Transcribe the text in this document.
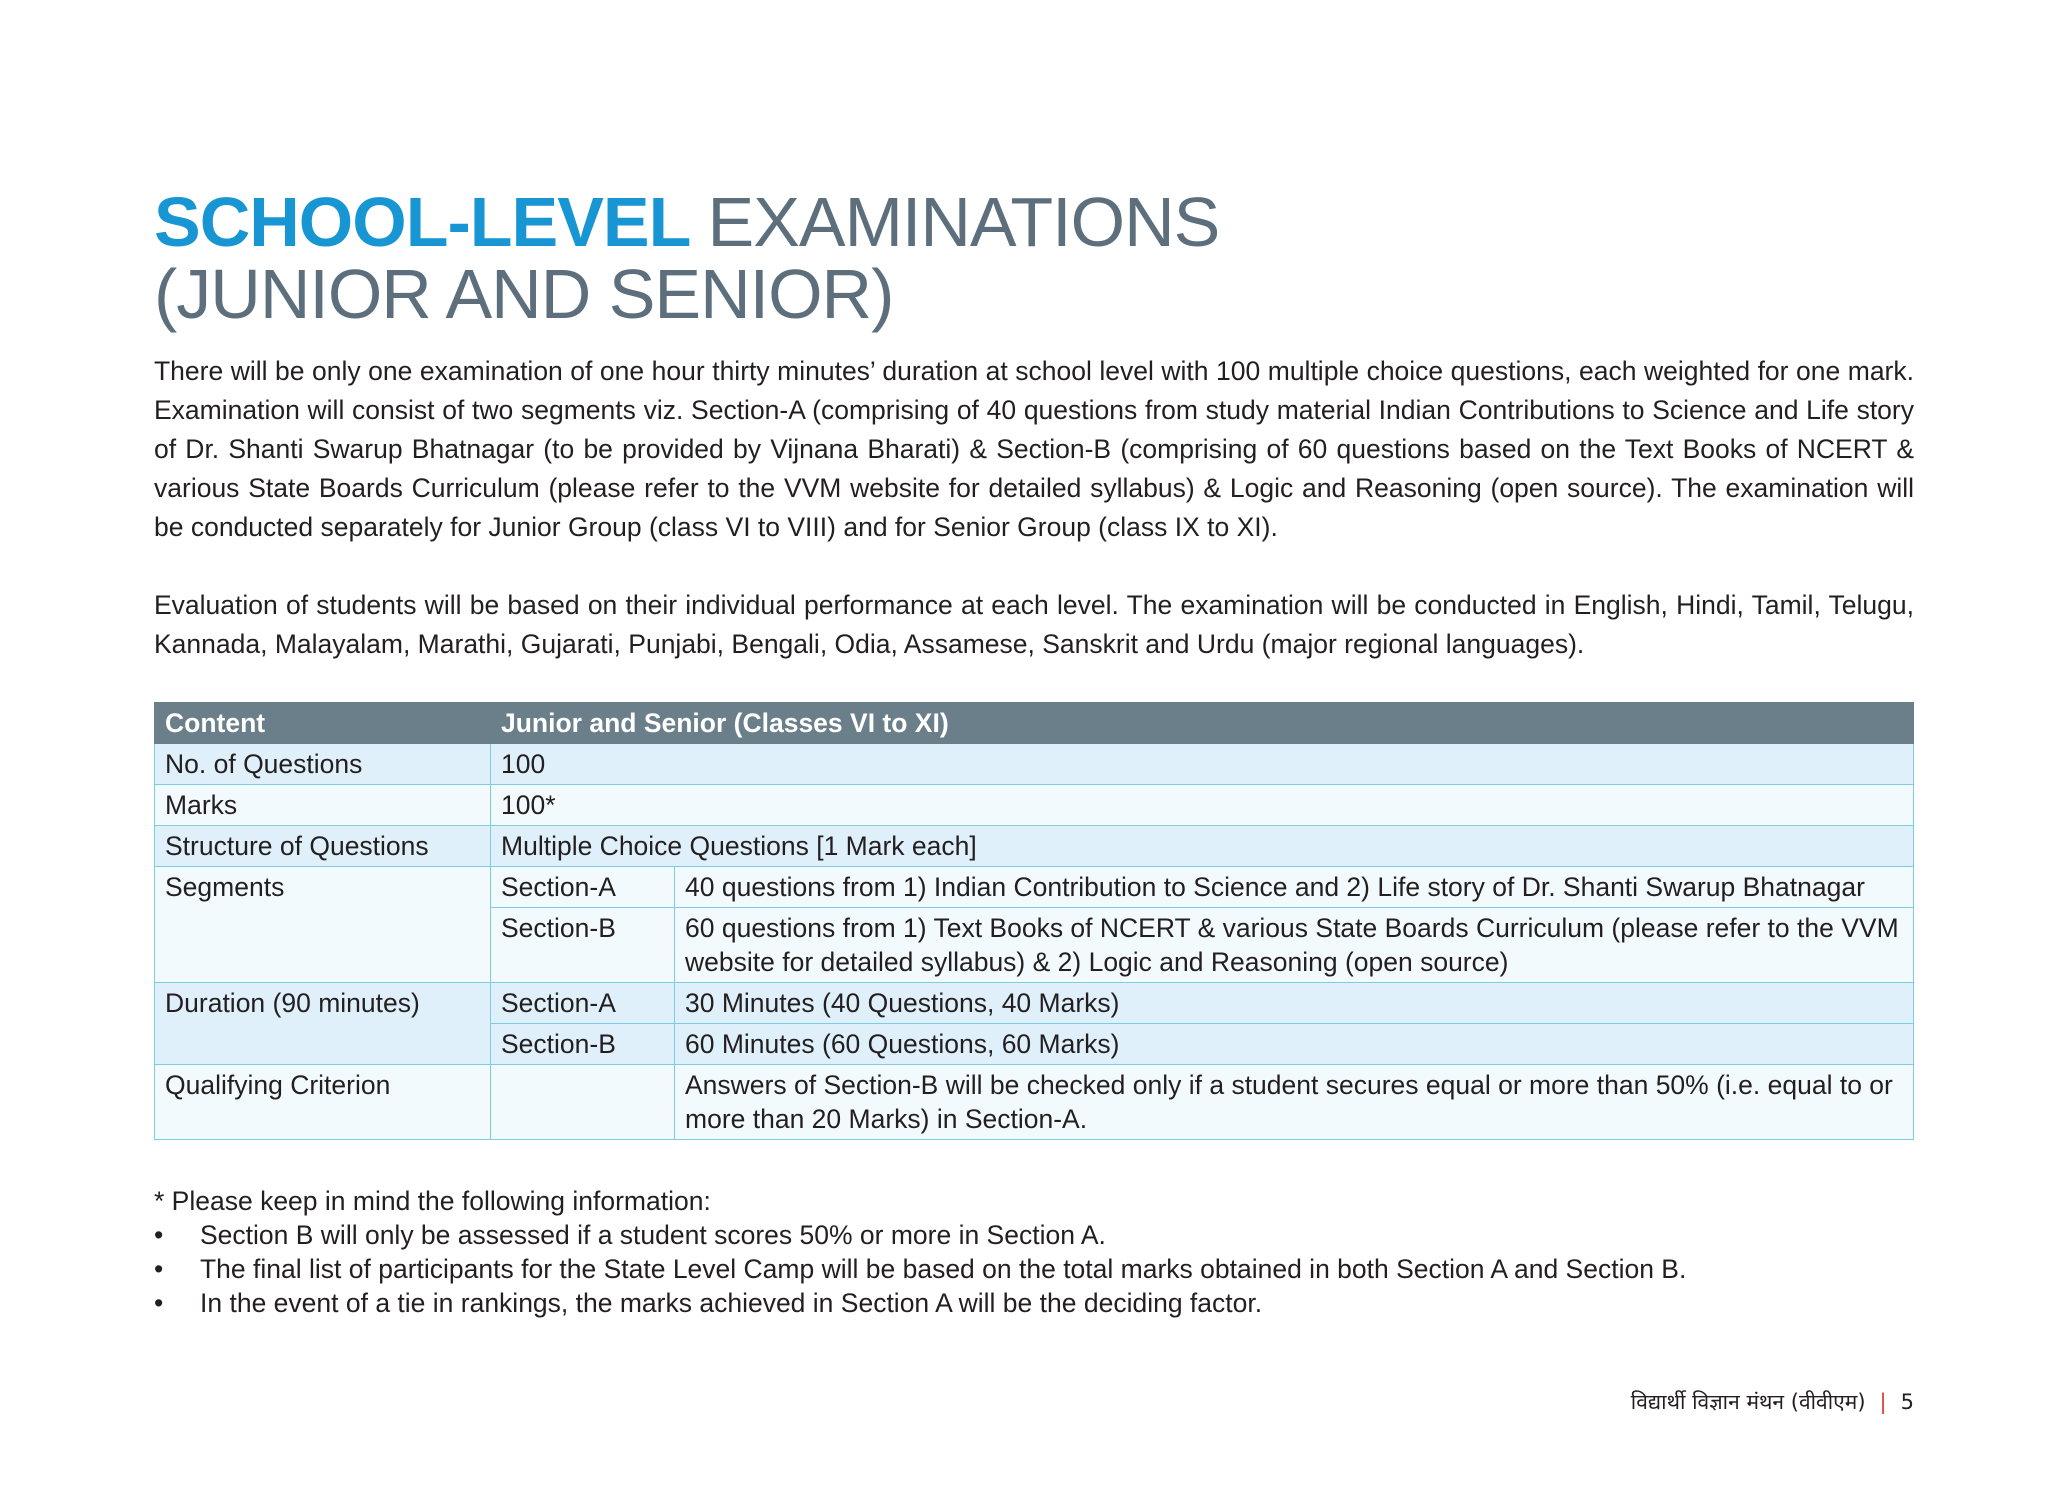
SCHOOL-LEVEL EXAMINATIONS
(JUNIOR AND SENIOR)

There will be only one examination of one hour thirty minutes’ duration at school level with 100 multiple choice questions, each weighted for one mark. Examination will consist of two segments viz. Section-A (comprising of 40 questions from study material Indian Contributions to Science and Life story of Dr. Shanti Swarup Bhatnagar (to be provided by Vijnana Bharati) & Section-B (comprising of 60 questions based on the Text Books of NCERT & various State Boards Curriculum (please refer to the VVM website for detailed syllabus) & Logic and Reasoning (open source). The examination will be conducted separately for Junior Group (class VI to VIII) and for Senior Group (class IX to XI).

Evaluation of students will be based on their individual performance at each level. The examination will be conducted in English, Hindi, Tamil, Telugu, Kannada, Malayalam, Marathi, Gujarati, Punjabi, Bengali, Odia, Assamese, Sanskrit and Urdu (major regional languages).

Content	Junior and Senior (Classes VI to XI)	
No. of Questions	100	
Marks	100*	
Structure of Questions	Multiple Choice Questions [1 Mark each]	
Segments	Section-A	40 questions from 1) Indian Contribution to Science and 2) Life story of Dr. Shanti Swarup Bhatnagar
	Section-B	60 questions from 1) Text Books of NCERT & various State Boards Curriculum (please refer to the VVM website for detailed syllabus) & 2) Logic and Reasoning (open source)
Duration (90 minutes)	Section-A	30 Minutes (40 Questions, 40 Marks)
	Section-B	60 Minutes (60 Questions, 60 Marks)
Qualifying Criterion		Answers of Section-B will be checked only if a student secures equal or more than 50% (i.e. equal to or more than 20 Marks) in Section-A.
* Please keep in mind the following information:
• Section B will only be assessed if a student scores 50% or more in Section A.
• The final list of participants for the State Level Camp will be based on the total marks obtained in both Section A and Section B.
• In the event of a tie in rankings, the marks achieved in Section A will be the deciding factor.
विद्यार्थी विज्ञान मंथन (वीवीएम) | 5
